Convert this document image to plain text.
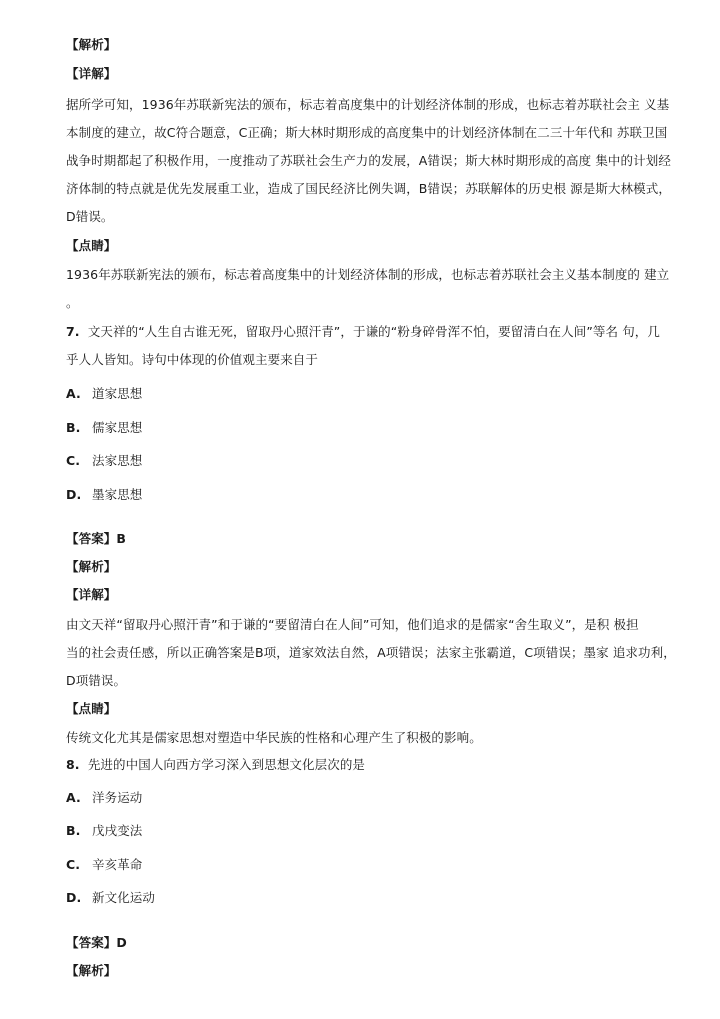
【解析】

【详解】

据所学可知，1936年苏联新宪法的颁布，标志着高度集中的计划经济体制的形成，也标志着苏联社会主 义基

本制度的建立，故C符合题意，C正确；斯大林时期形成的高度集中的计划经济体制在二三十年代和 苏联卫国

战争时期都起了积极作用，一度推动了苏联社会生产力的发展，A错误；斯大林时期形成的高度 集中的计划经

济体制的特点就是优先发展重工业，造成了国民经济比例失调，B错误；苏联解体的历史根 源是斯大林模式，

D错误。

【点睛】

1936年苏联新宪法的颁布，标志着高度集中的计划经济体制的形成，也标志着苏联社会主义基本制度的 建立

。

7. 文天祥的“人生自古谁无死，留取丹心照汗青”，于谦的“粉身碎骨浑不怕，要留清白在人间”等名 句，几

乎人人皆知。诗句中体现的价值观主要来自于

A. 道家思想

B. 儒家思想

C. 法家思想

D. 墨家思想

【答案】B

【解析】

【详解】

由文天祥“留取丹心照汗青”和于谦的“要留清白在人间”可知，他们追求的是儒家“舍生取义”，是积 极担

当的社会责任感，所以正确答案是B项，道家效法自然，A项错误；法家主张霸道，C项错误；墨家 追求功利，

D项错误。

【点睛】

传统文化尤其是儒家思想对塑造中华民族的性格和心理产生了积极的影响。

8. 先进的中国人向西方学习深入到思想文化层次的是

A. 洋务运动

B. 戊戌变法

C. 辛亥革命

D. 新文化运动

【答案】D

【解析】
